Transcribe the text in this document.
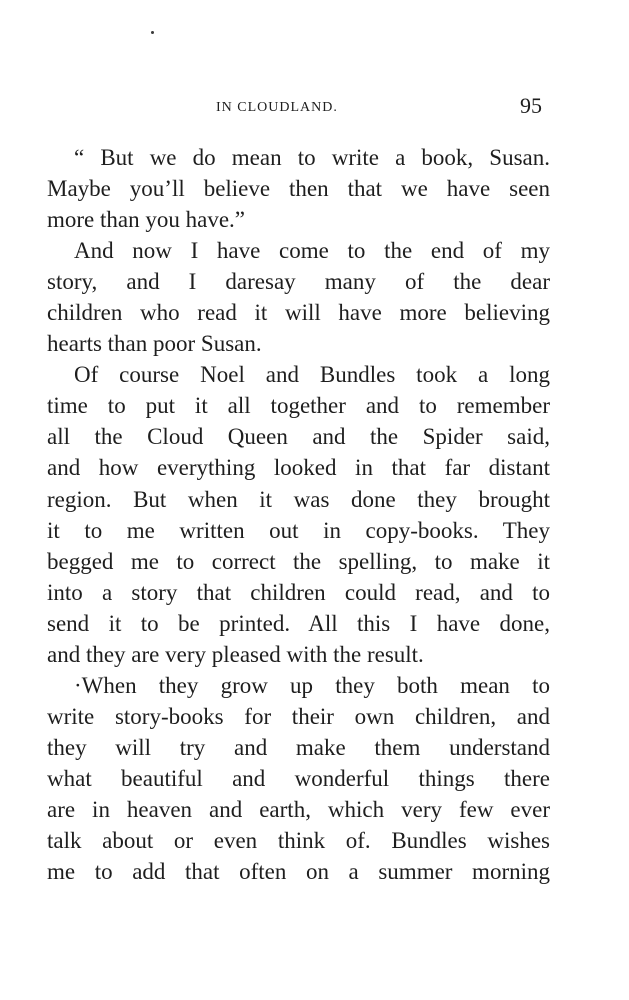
IN CLOUDLAND.	95
“ But we do mean to write a book, Susan.
Maybe you’ll believe then that we have seen
more than you have.”
And now I have come to the end of my
story, and I daresay many of the dear
children who read it will have more believing
hearts than poor Susan.
Of course Noel and Bundles took a long
time to put it all together and to remember
all the Cloud Queen and the Spider said,
and how everything looked in that far distant
region. But when it was done they brought
it to me written out in copy-books. They
begged me to correct the spelling, to make it
into a story that children could read, and to
send it to be printed. All this I have done,
and they are very pleased with the result.
·When they grow up they both mean to
write story-books for their own children, and
they will try and make them understand
what beautiful and wonderful things there
are in heaven and earth, which very few ever
talk about or even think of. Bundles wishes
me to add that often on a summer morning
